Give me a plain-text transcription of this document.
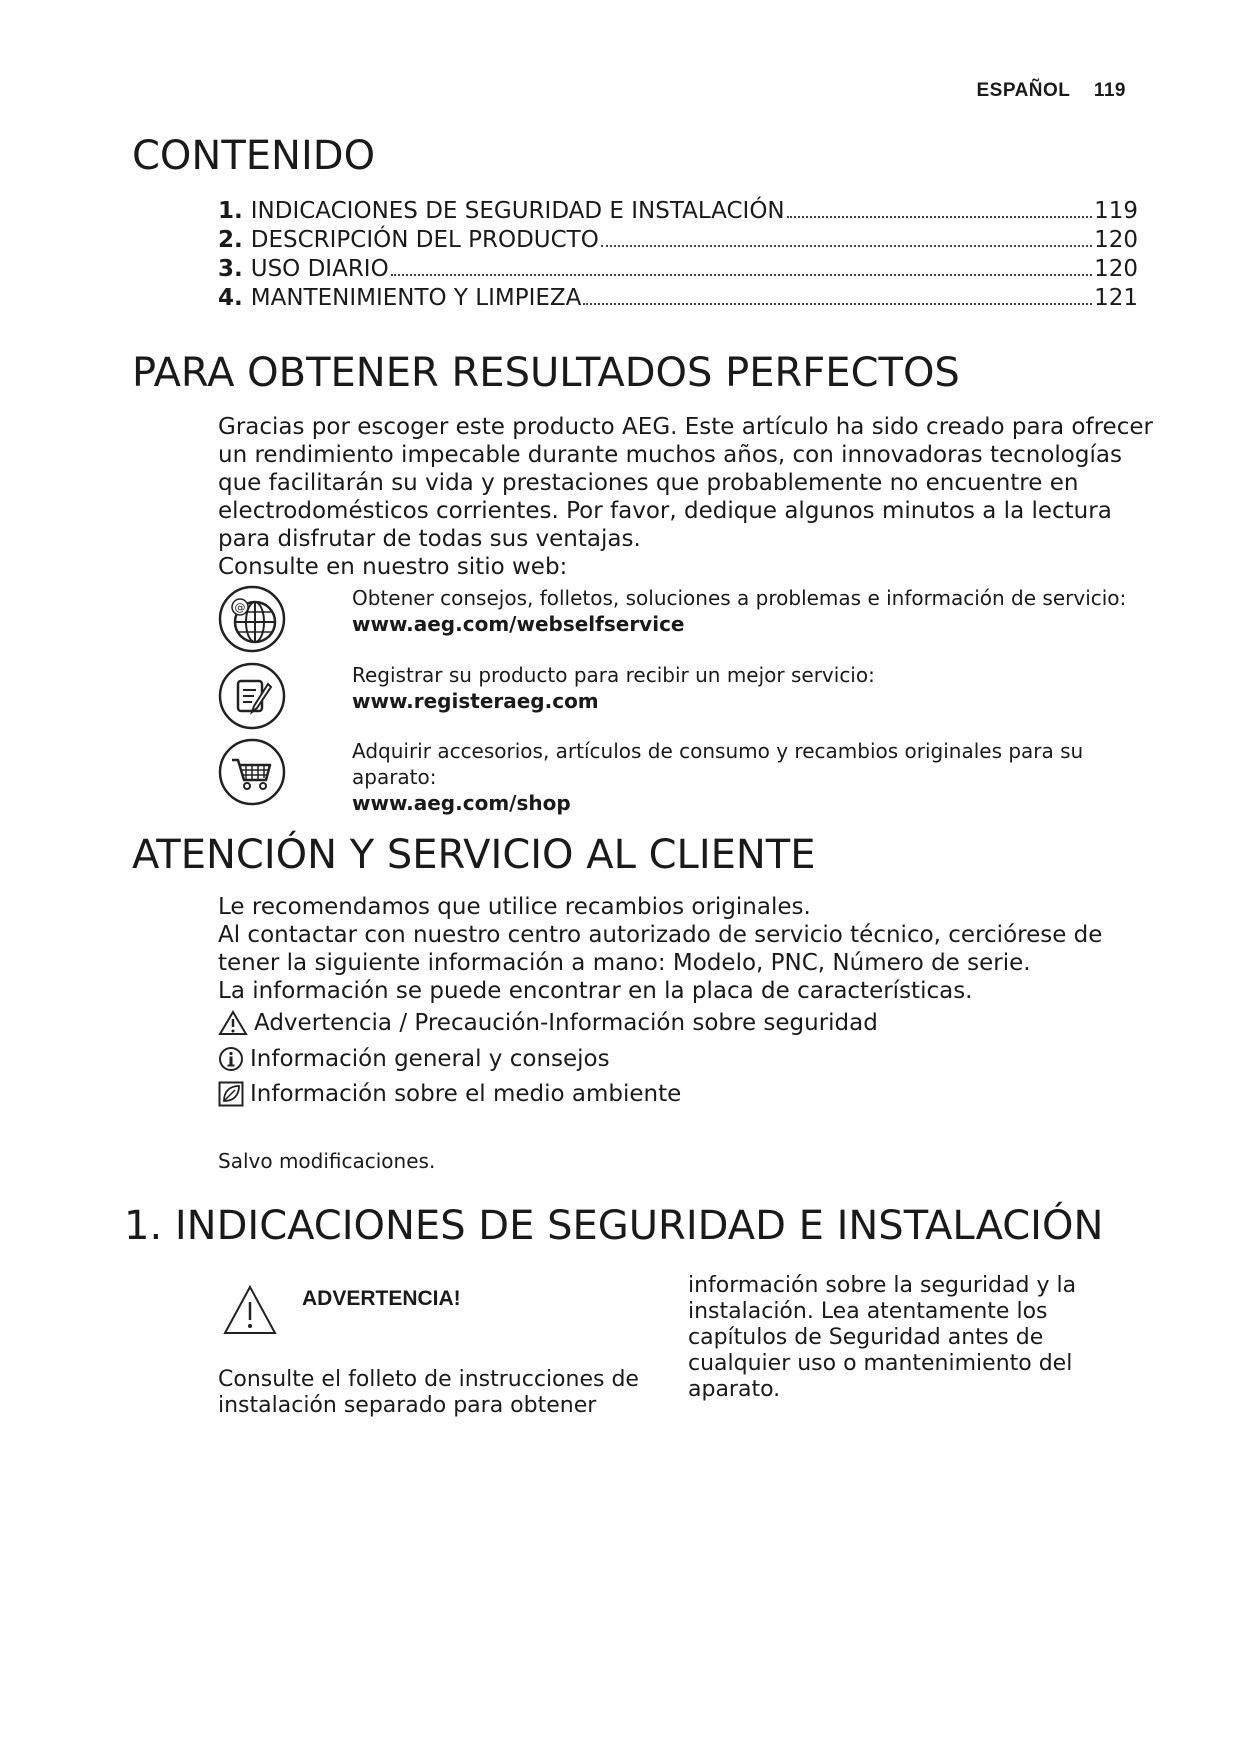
ESPAÑOL 119
CONTENIDO
1. INDICACIONES DE SEGURIDAD E INSTALACIÓN	119
2. DESCRIPCIÓN DEL PRODUCTO	120
3. USO DIARIO	120
4. MANTENIMIENTO Y LIMPIEZA	121
PARA OBTENER RESULTADOS PERFECTOS
Gracias por escoger este producto AEG. Este artículo ha sido creado para ofrecer
un rendimiento impecable durante muchos años, con innovadoras tecnologías
que facilitarán su vida y prestaciones que probablemente no encuentre en
electrodomésticos corrientes. Por favor, dedique algunos minutos a la lectura
para disfrutar de todas sus ventajas.
Consulte en nuestro sitio web:
@	Obtener consejos, folletos, soluciones a problemas e información de servicio:
www.aeg.com/webselfservice
Registrar su producto para recibir un mejor servicio:
www.registeraeg.com
Adquirir accesorios, artículos de consumo y recambios originales para su
aparato:
www.aeg.com/shop
ATENCIÓN Y SERVICIO AL CLIENTE
Le recomendamos que utilice recambios originales.
Al contactar con nuestro centro autorizado de servicio técnico, cerciórese de
tener la siguiente información a mano: Modelo, PNC, Número de serie.
La información se puede encontrar en la placa de características.
Advertencia / Precaución-Información sobre seguridad
Información general y consejos
Información sobre el medio ambiente
Salvo modificaciones.
1. INDICACIONES DE SEGURIDAD E INSTALACIÓN
ADVERTENCIA!
Consulte el folleto de instrucciones de
instalación separado para obtener
información sobre la seguridad y la
instalación. Lea atentamente los
capítulos de Seguridad antes de
cualquier uso o mantenimiento del
aparato.
